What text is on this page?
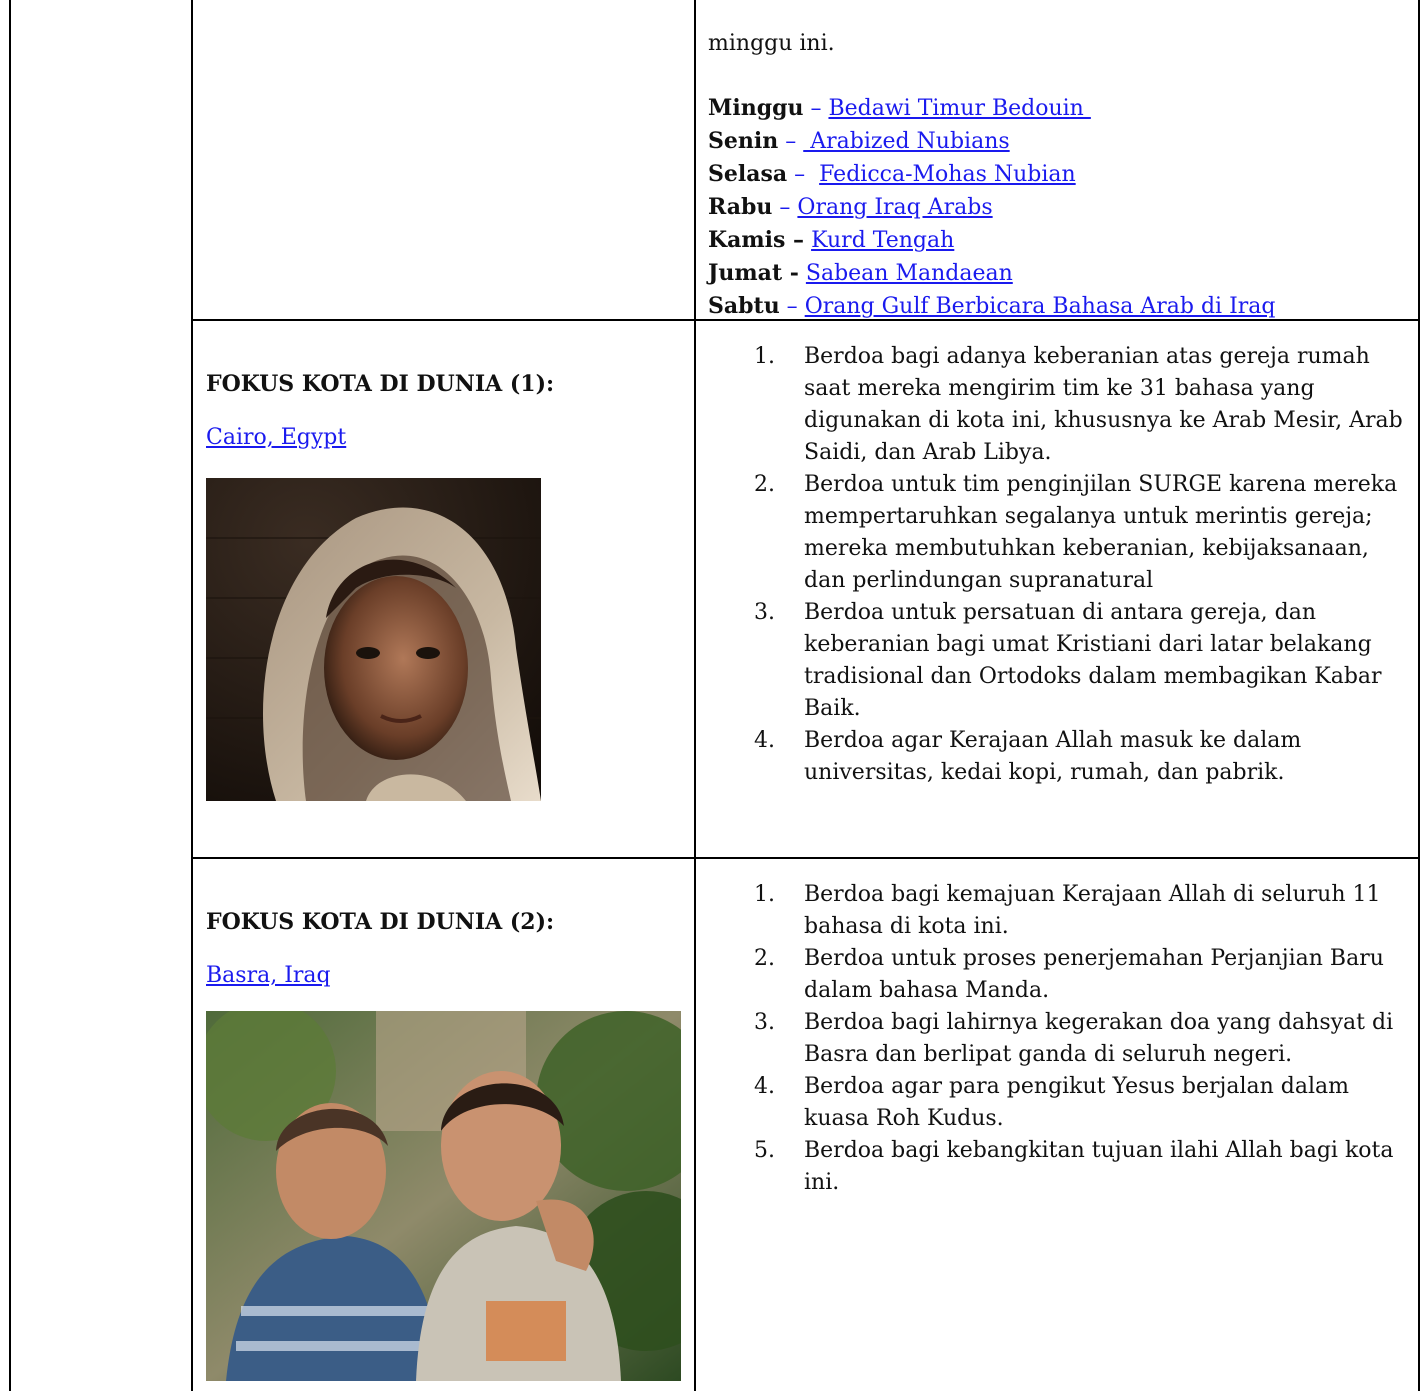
minggu ini.
Minggu – Bedawi Timur Bedouin
Senin –  Arabized Nubians
Selasa –  Fedicca-Mohas Nubian
Rabu – Orang Iraq Arabs
Kamis – Kurd Tengah
Jumat - Sabean Mandaean
Sabtu – Orang Gulf Berbicara Bahasa Arab di Iraq
FOKUS KOTA DI DUNIA (1):
Cairo, Egypt
1. Berdoa bagi adanya keberanian atas gereja rumah saat mereka mengirim tim ke 31 bahasa yang digunakan di kota ini, khususnya ke Arab Mesir, Arab Saidi, dan Arab Libya.
2. Berdoa untuk tim penginjilan SURGE karena mereka mempertaruhkan segalanya untuk merintis gereja; mereka membutuhkan keberanian, kebijaksanaan, dan perlindungan supranatural
3. Berdoa untuk persatuan di antara gereja, dan keberanian bagi umat Kristiani dari latar belakang tradisional dan Ortodoks dalam membagikan Kabar Baik.
4. Berdoa agar Kerajaan Allah masuk ke dalam universitas, kedai kopi, rumah, dan pabrik.
FOKUS KOTA DI DUNIA (2):
Basra, Iraq
1. Berdoa bagi kemajuan Kerajaan Allah di seluruh 11 bahasa di kota ini.
2. Berdoa untuk proses penerjemahan Perjanjian Baru dalam bahasa Manda.
3. Berdoa bagi lahirnya kegerakan doa yang dahsyat di Basra dan berlipat ganda di seluruh negeri.
4. Berdoa agar para pengikut Yesus berjalan dalam kuasa Roh Kudus.
5. Berdoa bagi kebangkitan tujuan ilahi Allah bagi kota ini.
